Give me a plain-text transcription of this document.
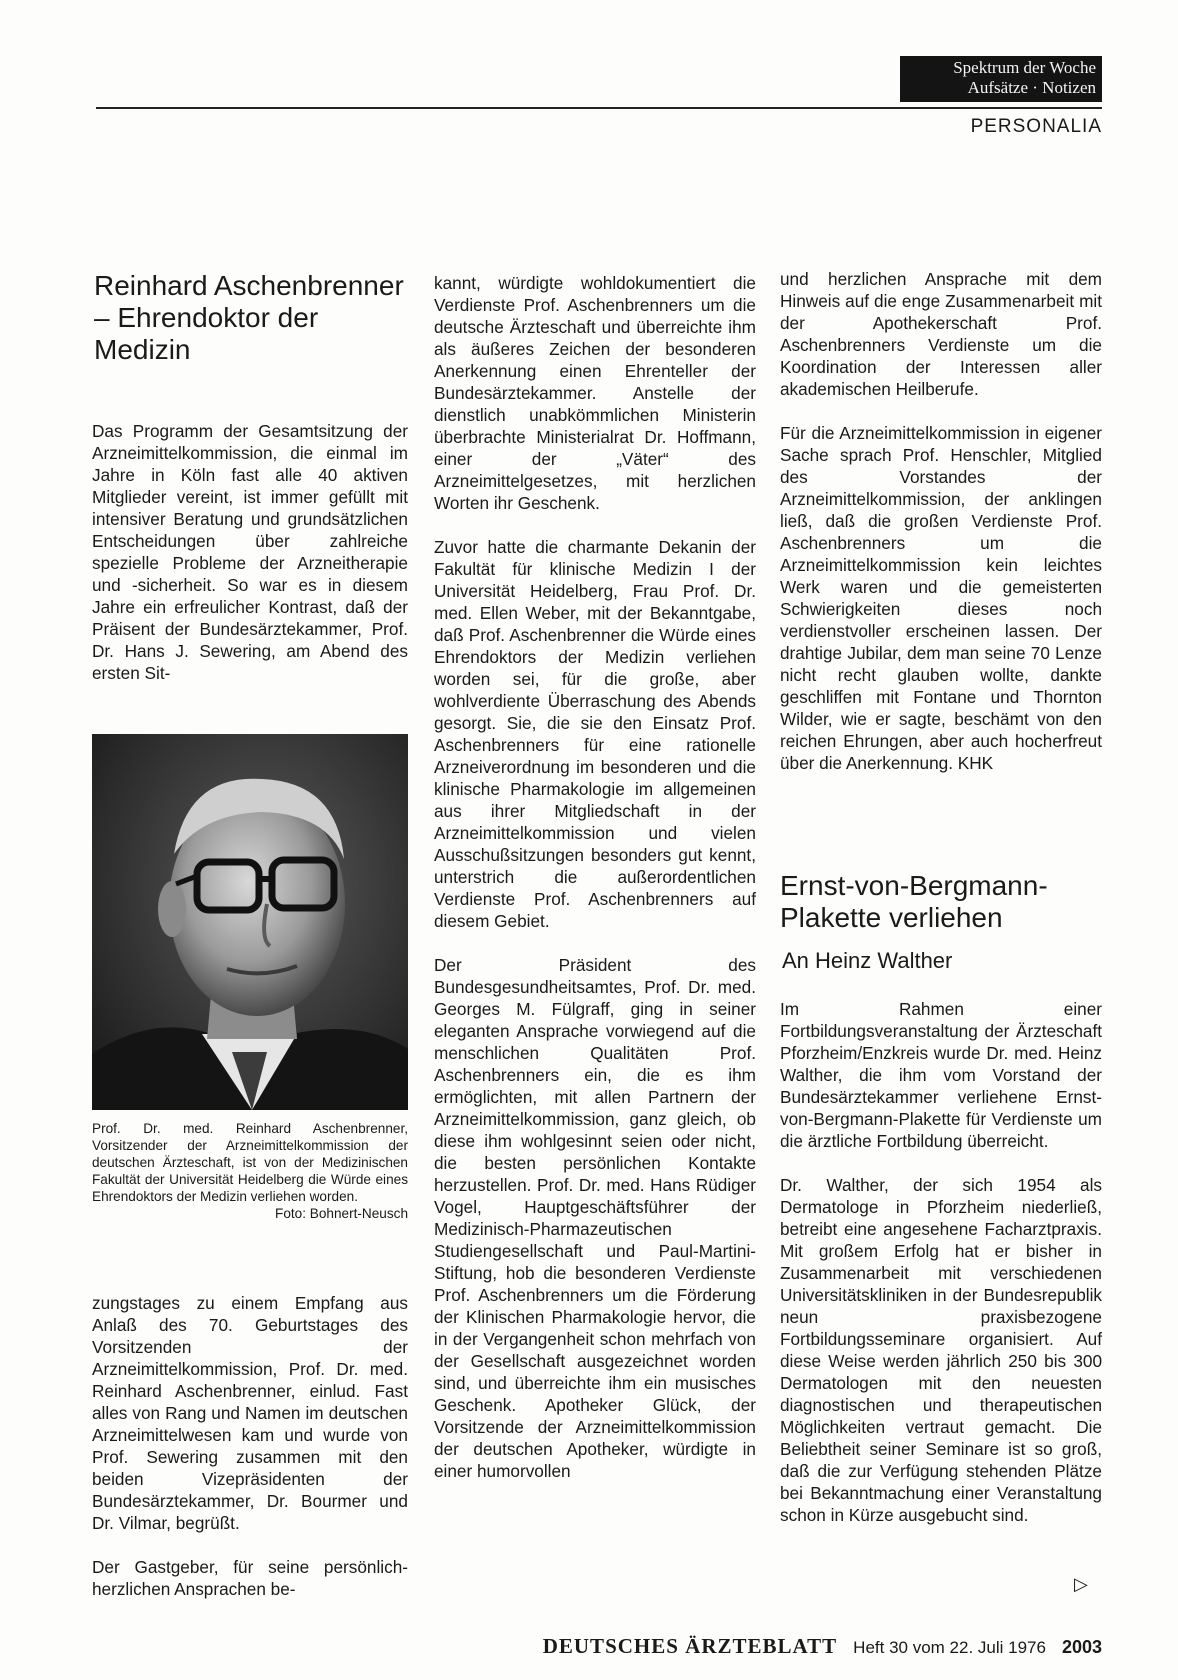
Spektrum der Woche
Aufsätze · Notizen
PERSONALIA
Reinhard Aschenbrenner – Ehrendoktor der Medizin

Das Programm der Gesamtsitzung der Arzneimittelkommission, die einmal im Jahre in Köln fast alle 40 aktiven Mitglieder vereint, ist immer gefüllt mit intensiver Beratung und grundsätzlichen Entscheidungen über zahlreiche spezielle Probleme der Arzneitherapie und -sicherheit. So war es in diesem Jahre ein erfreulicher Kontrast, daß der Präisent der Bundesärztekammer, Prof. Dr. Hans J. Sewering, am Abend des ersten Sit-

Prof. Dr. med. Reinhard Aschenbrenner, Vorsitzender der Arzneimittelkommission der deutschen Ärzteschaft, ist von der Medizinischen Fakultät der Universität Heidelberg die Würde eines Ehrendoktors der Medizin verliehen worden.
Foto: Bohnert-Neusch

zungstages zu einem Empfang aus Anlaß des 70. Geburtstages des Vorsitzenden der Arzneimittelkommission, Prof. Dr. med. Reinhard Aschenbrenner, einlud. Fast alles von Rang und Namen im deutschen Arzneimittelwesen kam und wurde von Prof. Sewering zusammen mit den beiden Vizepräsidenten der Bundesärztekammer, Dr. Bourmer und Dr. Vilmar, begrüßt.

Der Gastgeber, für seine persönlich-herzlichen Ansprachen be-

kannt, würdigte wohldokumentiert die Verdienste Prof. Aschenbrenners um die deutsche Ärzteschaft und überreichte ihm als äußeres Zeichen der besonderen Anerkennung einen Ehrenteller der Bundesärztekammer. Anstelle der dienstlich unabkömmlichen Ministerin überbrachte Ministerialrat Dr. Hoffmann, einer der „Väter“ des Arzneimittelgesetzes, mit herzlichen Worten ihr Geschenk.

Zuvor hatte die charmante Dekanin der Fakultät für klinische Medizin I der Universität Heidelberg, Frau Prof. Dr. med. Ellen Weber, mit der Bekanntgabe, daß Prof. Aschenbrenner die Würde eines Ehrendoktors der Medizin verliehen worden sei, für die große, aber wohlverdiente Überraschung des Abends gesorgt. Sie, die sie den Einsatz Prof. Aschenbrenners für eine rationelle Arzneiverordnung im besonderen und die klinische Pharmakologie im allgemeinen aus ihrer Mitgliedschaft in der Arzneimittelkommission und vielen Ausschußsitzungen besonders gut kennt, unterstrich die außerordentlichen Verdienste Prof. Aschenbrenners auf diesem Gebiet.

Der Präsident des Bundesgesundheitsamtes, Prof. Dr. med. Georges M. Fülgraff, ging in seiner eleganten Ansprache vorwiegend auf die menschlichen Qualitäten Prof. Aschenbrenners ein, die es ihm ermöglichten, mit allen Partnern der Arzneimittelkommission, ganz gleich, ob diese ihm wohlgesinnt seien oder nicht, die besten persönlichen Kontakte herzustellen. Prof. Dr. med. Hans Rüdiger Vogel, Hauptgeschäftsführer der Medizinisch-Pharmazeutischen Studiengesellschaft und Paul-Martini-Stiftung, hob die besonderen Verdienste Prof. Aschenbrenners um die Förderung der Klinischen Pharmakologie hervor, die in der Vergangenheit schon mehrfach von der Gesellschaft ausgezeichnet worden sind, und überreichte ihm ein musisches Geschenk. Apotheker Glück, der Vorsitzende der Arzneimittelkommission der deutschen Apotheker, würdigte in einer humorvollen

und herzlichen Ansprache mit dem Hinweis auf die enge Zusammenarbeit mit der Apothekerschaft Prof. Aschenbrenners Verdienste um die Koordination der Interessen aller akademischen Heilberufe.

Für die Arzneimittelkommission in eigener Sache sprach Prof. Henschler, Mitglied des Vorstandes der Arzneimittelkommission, der anklingen ließ, daß die großen Verdienste Prof. Aschenbrenners um die Arzneimittelkommission kein leichtes Werk waren und die gemeisterten Schwierigkeiten dieses noch verdienstvoller erscheinen lassen. Der drahtige Jubilar, dem man seine 70 Lenze nicht recht glauben wollte, dankte geschliffen mit Fontane und Thornton Wilder, wie er sagte, beschämt von den reichen Ehrungen, aber auch hocherfreut über die Anerkennung. KHK

Ernst-von-Bergmann-Plakette verliehen
An Heinz Walther

Im Rahmen einer Fortbildungsveranstaltung der Ärzteschaft Pforzheim/Enzkreis wurde Dr. med. Heinz Walther, die ihm vom Vorstand der Bundesärztekammer verliehene Ernst-von-Bergmann-Plakette für Verdienste um die ärztliche Fortbildung überreicht.

Dr. Walther, der sich 1954 als Dermatologe in Pforzheim niederließ, betreibt eine angesehene Facharztpraxis. Mit großem Erfolg hat er bisher in Zusammenarbeit mit verschiedenen Universitätskliniken in der Bundesrepublik neun praxisbezogene Fortbildungsseminare organisiert. Auf diese Weise werden jährlich 250 bis 300 Dermatologen mit den neuesten diagnostischen und therapeutischen Möglichkeiten vertraut gemacht. Die Beliebtheit seiner Seminare ist so groß, daß die zur Verfügung stehenden Plätze bei Bekanntmachung einer Veranstaltung schon in Kürze ausgebucht sind.

▷
DEUTSCHES ÄRZTEBLATT Heft 30 vom 22. Juli 1976 2003
